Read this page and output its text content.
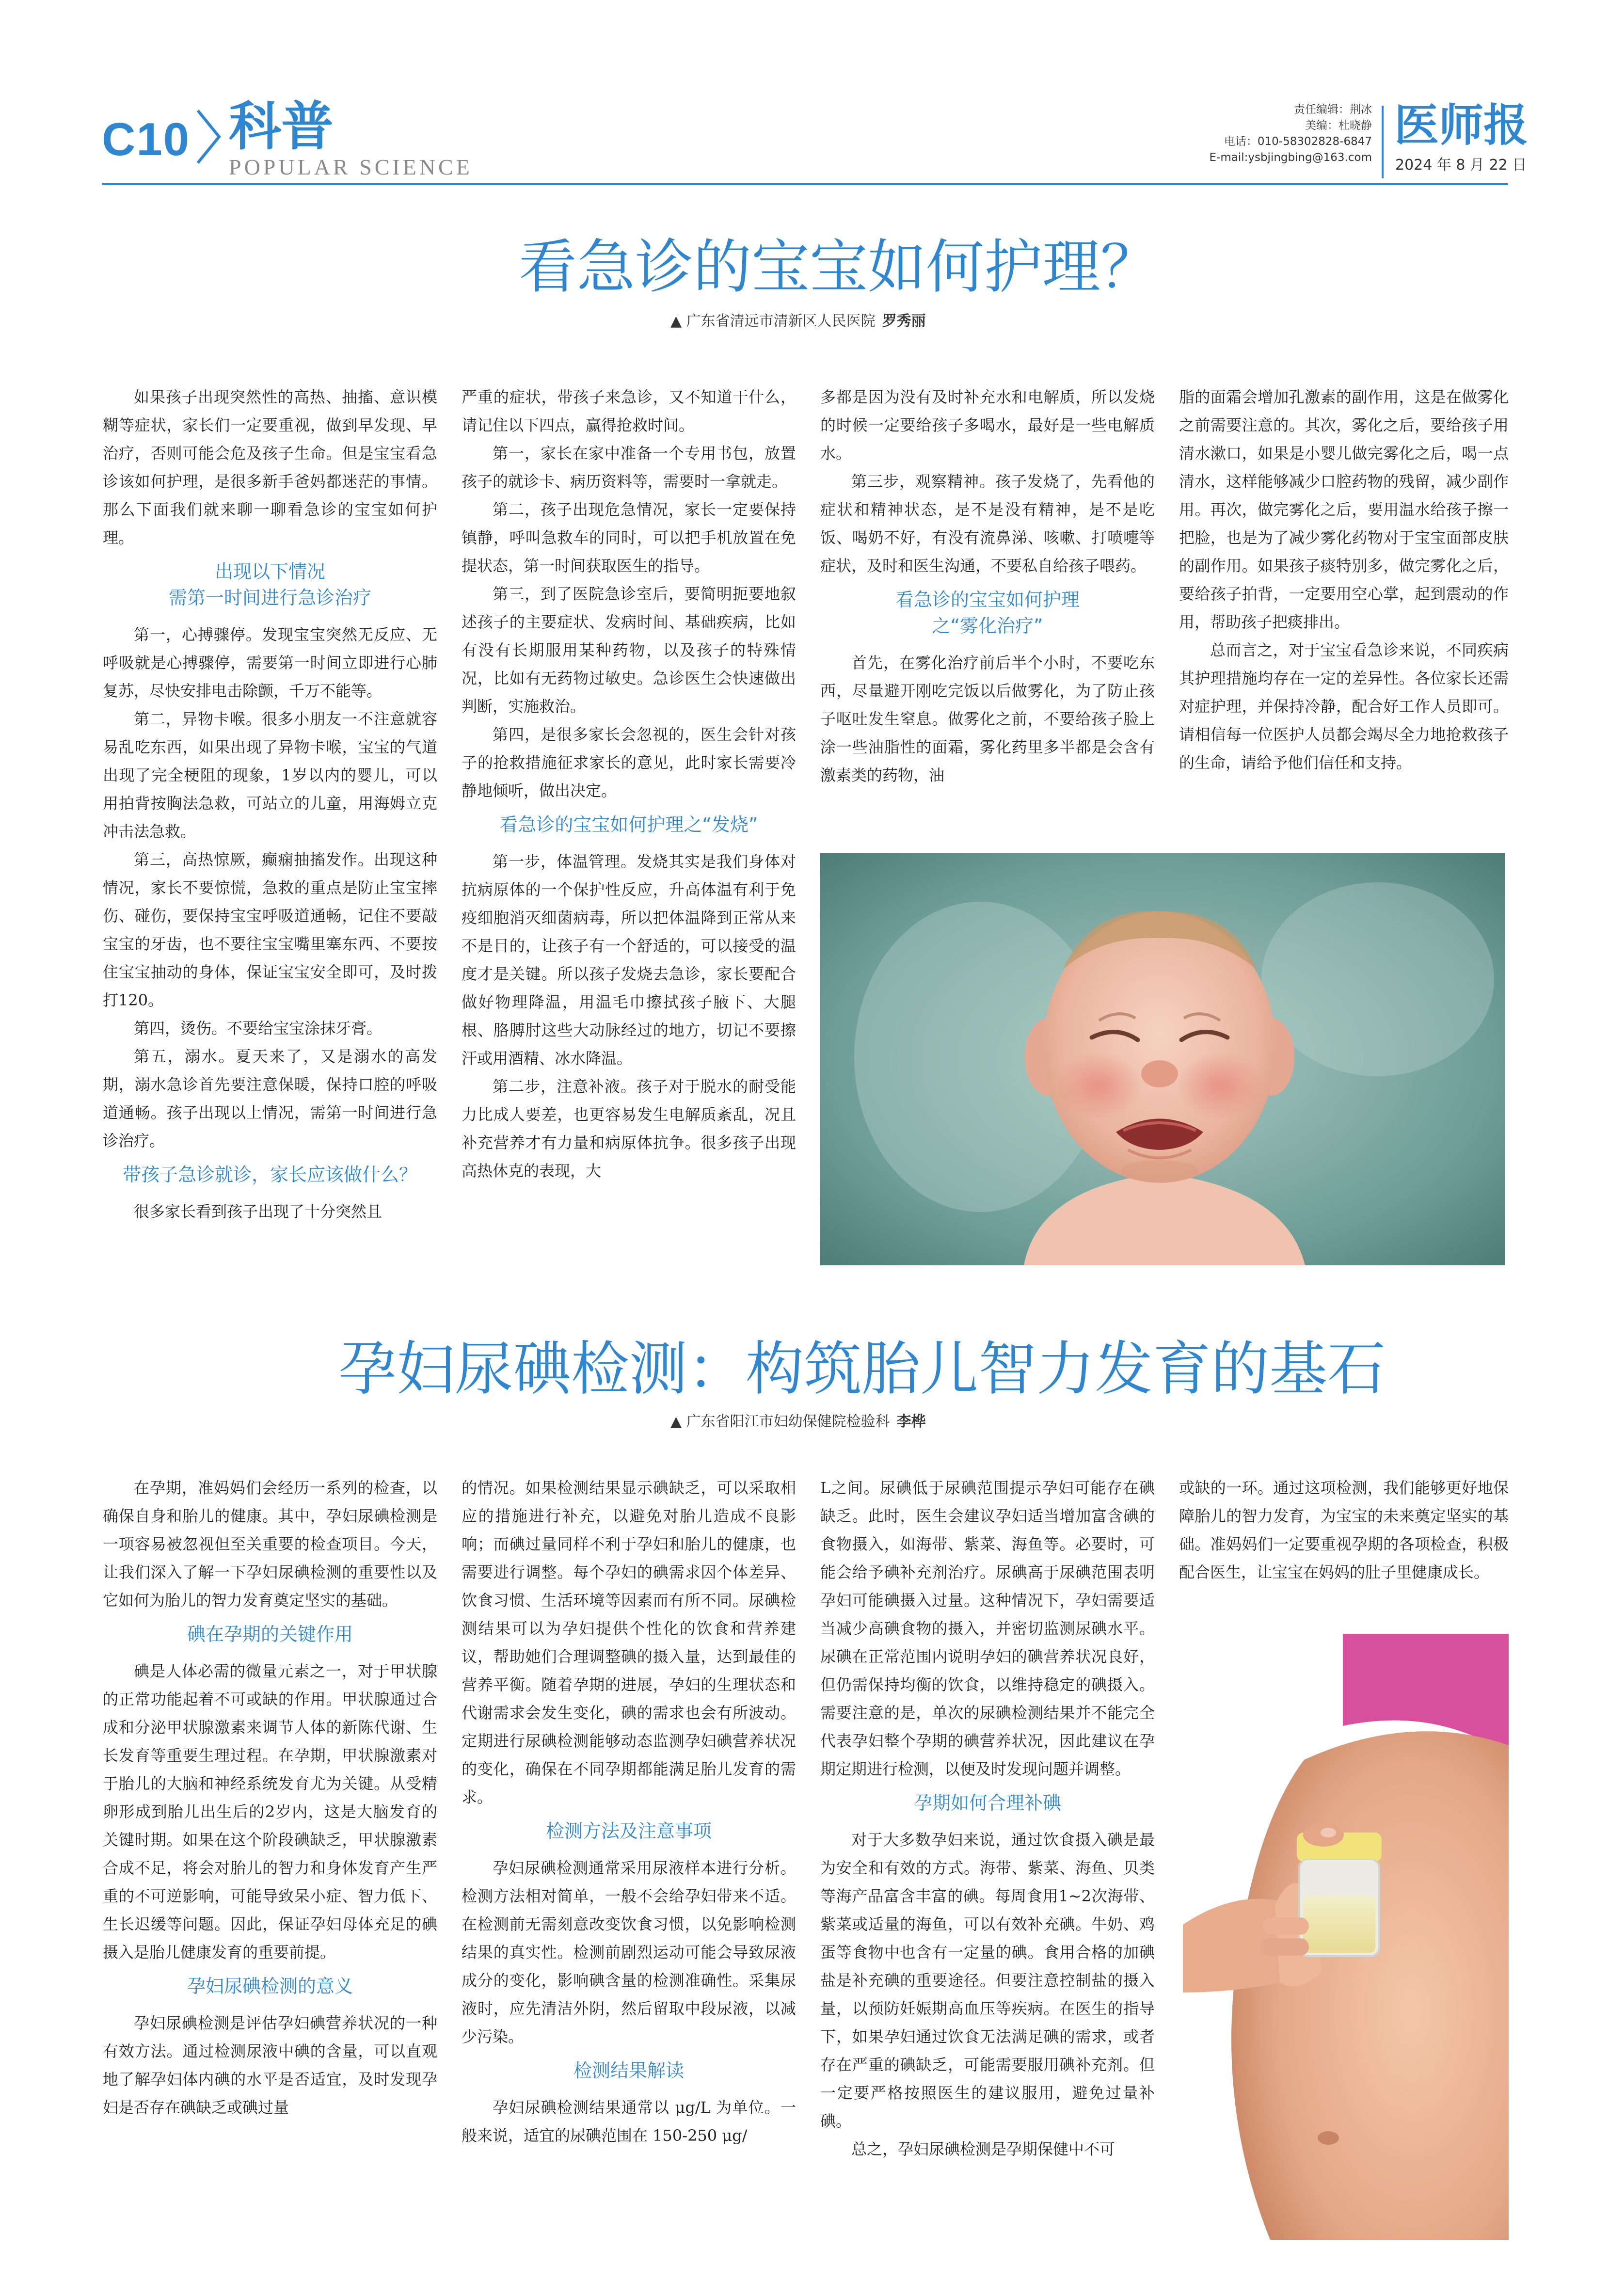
C10 科普
POPULAR SCIENCE
责任编辑：荆冰
美编：杜晓静
电话：010-58302828-6847
E-mail:ysbjingbing@163.com
医师报
2024 年 8 月 22 日
看急诊的宝宝如何护理？
▲ 广东省清远市清新区人民医院 罗秀丽

如果孩子出现突然性的高热、抽搐、意识模糊等症状，家长们一定要重视，做到早发现、早治疗，否则可能会危及孩子生命。但是宝宝看急诊该如何护理，是很多新手爸妈都迷茫的事情。那么下面我们就来聊一聊看急诊的宝宝如何护理。

出现以下情况
需第一时间进行急诊治疗

第一，心搏骤停。发现宝宝突然无反应、无呼吸就是心搏骤停，需要第一时间立即进行心肺复苏，尽快安排电击除颤，千万不能等。

第二，异物卡喉。很多小朋友一不注意就容易乱吃东西，如果出现了异物卡喉，宝宝的气道出现了完全梗阻的现象，1岁以内的婴儿，可以用拍背按胸法急救，可站立的儿童，用海姆立克冲击法急救。

第三，高热惊厥，癫痫抽搐发作。出现这种情况，家长不要惊慌，急救的重点是防止宝宝摔伤、碰伤，要保持宝宝呼吸道通畅，记住不要敲宝宝的牙齿，也不要往宝宝嘴里塞东西、不要按住宝宝抽动的身体，保证宝宝安全即可，及时拨打120。

第四，烫伤。不要给宝宝涂抹牙膏。

第五，溺水。夏天来了，又是溺水的高发期，溺水急诊首先要注意保暖，保持口腔的呼吸道通畅。孩子出现以上情况，需第一时间进行急诊治疗。

带孩子急诊就诊，家长应该做什么？

很多家长看到孩子出现了十分突然且

严重的症状，带孩子来急诊，又不知道干什么，请记住以下四点，赢得抢救时间。

第一，家长在家中准备一个专用书包，放置孩子的就诊卡、病历资料等，需要时一拿就走。

第二，孩子出现危急情况，家长一定要保持镇静，呼叫急救车的同时，可以把手机放置在免提状态，第一时间获取医生的指导。

第三，到了医院急诊室后，要简明扼要地叙述孩子的主要症状、发病时间、基础疾病，比如有没有长期服用某种药物，以及孩子的特殊情况，比如有无药物过敏史。急诊医生会快速做出判断，实施救治。

第四，是很多家长会忽视的，医生会针对孩子的抢救措施征求家长的意见，此时家长需要冷静地倾听，做出决定。

看急诊的宝宝如何护理之“发烧”

第一步，体温管理。发烧其实是我们身体对抗病原体的一个保护性反应，升高体温有利于免疫细胞消灭细菌病毒，所以把体温降到正常从来不是目的，让孩子有一个舒适的，可以接受的温度才是关键。所以孩子发烧去急诊，家长要配合做好物理降温，用温毛巾擦拭孩子腋下、大腿根、胳膊肘这些大动脉经过的地方，切记不要擦汗或用酒精、冰水降温。

第二步，注意补液。孩子对于脱水的耐受能力比成人要差，也更容易发生电解质紊乱，况且补充营养才有力量和病原体抗争。很多孩子出现高热休克的表现，大

多都是因为没有及时补充水和电解质，所以发烧的时候一定要给孩子多喝水，最好是一些电解质水。

第三步，观察精神。孩子发烧了，先看他的症状和精神状态，是不是没有精神，是不是吃饭、喝奶不好，有没有流鼻涕、咳嗽、打喷嚏等症状，及时和医生沟通，不要私自给孩子喂药。

看急诊的宝宝如何护理
之“雾化治疗”

首先，在雾化治疗前后半个小时，不要吃东西，尽量避开刚吃完饭以后做雾化，为了防止孩子呕吐发生窒息。做雾化之前，不要给孩子脸上涂一些油脂性的面霜，雾化药里多半都是会含有激素类的药物，油

脂的面霜会增加孔激素的副作用，这是在做雾化之前需要注意的。其次，雾化之后，要给孩子用清水漱口，如果是小婴儿做完雾化之后，喝一点清水，这样能够减少口腔药物的残留，减少副作用。再次，做完雾化之后，要用温水给孩子擦一把脸，也是为了减少雾化药物对于宝宝面部皮肤的副作用。如果孩子痰特别多，做完雾化之后，要给孩子拍背，一定要用空心掌，起到震动的作用，帮助孩子把痰排出。

总而言之，对于宝宝看急诊来说，不同疾病其护理措施均存在一定的差异性。各位家长还需对症护理，并保持冷静，配合好工作人员即可。请相信每一位医护人员都会竭尽全力地抢救孩子的生命，请给予他们信任和支持。

孕妇尿碘检测：构筑胎儿智力发育的基石
▲ 广东省阳江市妇幼保健院检验科 李桦

在孕期，准妈妈们会经历一系列的检查，以确保自身和胎儿的健康。其中，孕妇尿碘检测是一项容易被忽视但至关重要的检查项目。今天，让我们深入了解一下孕妇尿碘检测的重要性以及它如何为胎儿的智力发育奠定坚实的基础。

碘在孕期的关键作用

碘是人体必需的微量元素之一，对于甲状腺的正常功能起着不可或缺的作用。甲状腺通过合成和分泌甲状腺激素来调节人体的新陈代谢、生长发育等重要生理过程。在孕期，甲状腺激素对于胎儿的大脑和神经系统发育尤为关键。从受精卵形成到胎儿出生后的2岁内，这是大脑发育的关键时期。如果在这个阶段碘缺乏，甲状腺激素合成不足，将会对胎儿的智力和身体发育产生严重的不可逆影响，可能导致呆小症、智力低下、生长迟缓等问题。因此，保证孕妇母体充足的碘摄入是胎儿健康发育的重要前提。

孕妇尿碘检测的意义

孕妇尿碘检测是评估孕妇碘营养状况的一种有效方法。通过检测尿液中碘的含量，可以直观地了解孕妇体内碘的水平是否适宜，及时发现孕妇是否存在碘缺乏或碘过量

的情况。如果检测结果显示碘缺乏，可以采取相应的措施进行补充，以避免对胎儿造成不良影响；而碘过量同样不利于孕妇和胎儿的健康，也需要进行调整。每个孕妇的碘需求因个体差异、饮食习惯、生活环境等因素而有所不同。尿碘检测结果可以为孕妇提供个性化的饮食和营养建议，帮助她们合理调整碘的摄入量，达到最佳的营养平衡。随着孕期的进展，孕妇的生理状态和代谢需求会发生变化，碘的需求也会有所波动。定期进行尿碘检测能够动态监测孕妇碘营养状况的变化，确保在不同孕期都能满足胎儿发育的需求。

检测方法及注意事项

孕妇尿碘检测通常采用尿液样本进行分析。检测方法相对简单，一般不会给孕妇带来不适。在检测前无需刻意改变饮食习惯，以免影响检测结果的真实性。检测前剧烈运动可能会导致尿液成分的变化，影响碘含量的检测准确性。采集尿液时，应先清洁外阴，然后留取中段尿液，以减少污染。

检测结果解读

孕妇尿碘检测结果通常以 μg/L 为单位。一般来说，适宜的尿碘范围在 150-250 μg/

L之间。尿碘低于尿碘范围提示孕妇可能存在碘缺乏。此时，医生会建议孕妇适当增加富含碘的食物摄入，如海带、紫菜、海鱼等。必要时，可能会给予碘补充剂治疗。尿碘高于尿碘范围表明孕妇可能碘摄入过量。这种情况下，孕妇需要适当减少高碘食物的摄入，并密切监测尿碘水平。尿碘在正常范围内说明孕妇的碘营养状况良好，但仍需保持均衡的饮食，以维持稳定的碘摄入。需要注意的是，单次的尿碘检测结果并不能完全代表孕妇整个孕期的碘营养状况，因此建议在孕期定期进行检测，以便及时发现问题并调整。

孕期如何合理补碘

对于大多数孕妇来说，通过饮食摄入碘是最为安全和有效的方式。海带、紫菜、海鱼、贝类等海产品富含丰富的碘。每周食用1~2次海带、紫菜或适量的海鱼，可以有效补充碘。牛奶、鸡蛋等食物中也含有一定量的碘。食用合格的加碘盐是补充碘的重要途径。但要注意控制盐的摄入量，以预防妊娠期高血压等疾病。在医生的指导下，如果孕妇通过饮食无法满足碘的需求，或者存在严重的碘缺乏，可能需要服用碘补充剂。但一定要严格按照医生的建议服用，避免过量补碘。

总之，孕妇尿碘检测是孕期保健中不可

或缺的一环。通过这项检测，我们能够更好地保障胎儿的智力发育，为宝宝的未来奠定坚实的基础。准妈妈们一定要重视孕期的各项检查，积极配合医生，让宝宝在妈妈的肚子里健康成长。
